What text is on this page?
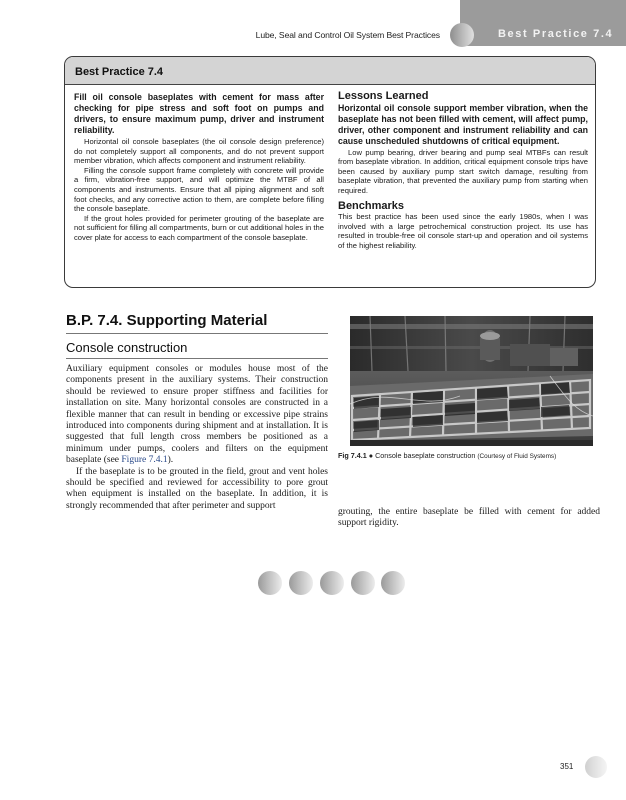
Lube, Seal and Control Oil System Best Practices	Best Practice 7.4
Best Practice 7.4

Fill oil console baseplates with cement for mass after checking for pipe stress and soft foot on pumps and drivers, to ensure maximum pump, driver and instrument reliability.

Horizontal oil console baseplates (the oil console design preference) do not completely support all components, and do not prevent support member vibration, which affects component and instrument reliability.

Filling the console support frame completely with concrete will provide a firm, vibration-free support, and will optimize the MTBF of all components and instruments. Ensure that all piping alignment and soft foot checks, and any corrective action to them, are complete before filling the console baseplate.

If the grout holes provided for perimeter grouting of the baseplate are not sufficient for filling all compartments, burn or cut additional holes in the cover plate for access to each compartment of the console baseplate.

Lessons Learned

Horizontal oil console support member vibration, when the baseplate has not been filled with cement, will affect pump, driver, other component and instrument reliability and can cause unscheduled shutdowns of critical equipment.

Low pump bearing, driver bearing and pump seal MTBFs can result from baseplate vibration. In addition, critical equipment console trips have been caused by auxiliary pump start switch damage, resulting from baseplate vibration, that prevented the auxiliary pump from starting when required.

Benchmarks

This best practice has been used since the early 1980s, when I was involved with a large petrochemical construction project. Its use has resulted in trouble-free oil console start-up and operation and oil systems of the highest reliability.

B.P. 7.4. Supporting Material
Console construction

Auxiliary equipment consoles or modules house most of the components present in the auxiliary systems. Their construction should be reviewed to ensure proper stiffness and facilities for installation on site. Many horizontal consoles are constructed in a flexible manner that can result in bending or excessive pipe strains introduced into components during shipment and at installation. It is suggested that full length cross members be positioned as a minimum under pumps, coolers and filters on the equipment baseplate (see Figure 7.4.1).

If the baseplate is to be grouted in the field, grout and vent holes should be specified and reviewed for accessibility to pore grout when equipment is installed on the baseplate. In addition, it is strongly recommended that after perimeter and support

Fig 7.4.1 ● Console baseplate construction (Courtesy of Fluid Systems)
grouting, the entire baseplate be filled with cement for added support rigidity.
351
